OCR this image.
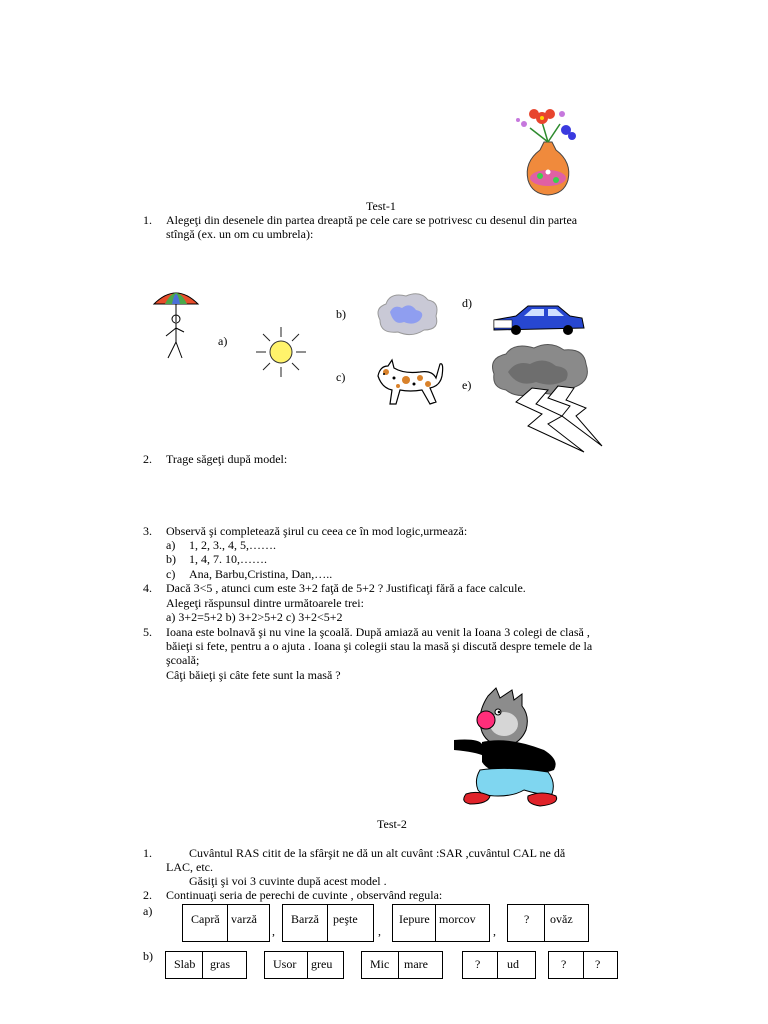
Test-1
1. Alegeţi din desenele din partea dreaptă pe cele care se potrivesc cu desenul din partea
stîngă (ex. un om cu umbrela):
a)
b)
c)
d)
e)
2. Trage săgeţi după model:
3. Observă şi completează şirul cu ceea ce în mod logic,urmează:
a) 1, 2, 3., 4, 5,…….
b) 1, 4, 7. 10,…….
c) Ana, Barbu,Cristina, Dan,…..
4. Dacă 3<5 , atunci cum este 3+2 faţă de 5+2 ? Justificaţi fără a face calcule.
Alegeţi răspunsul dintre următoarele trei:
a) 3+2=5+2 b) 3+2>5+2 c) 3+2<5+2
5. Ioana este bolnavă şi nu vine la şcoală. După amiază au venit la Ioana 3 colegi de clasă ,
băieţi si fete, pentru a o ajuta . Ioana şi colegii stau la masă şi discută despre temele de la
şcoală;
Câţi băieţi şi câte fete sunt la masă ?
Test-2
1.	Cuvântul RAS citit de la sfârşit ne dă un alt cuvânt :SAR ,cuvântul CAL ne dă
LAC, etc.
Găsiţi şi voi 3 cuvinte după acest model .
2. Continuaţi seria de perechi de cuvinte , observând regula:
a)
Capră varză
,
Barză peşte
,
Iepure morcov
,
? ovăz
b)
Slab gras	Usor greu	Mic mare	? ud	? ?
